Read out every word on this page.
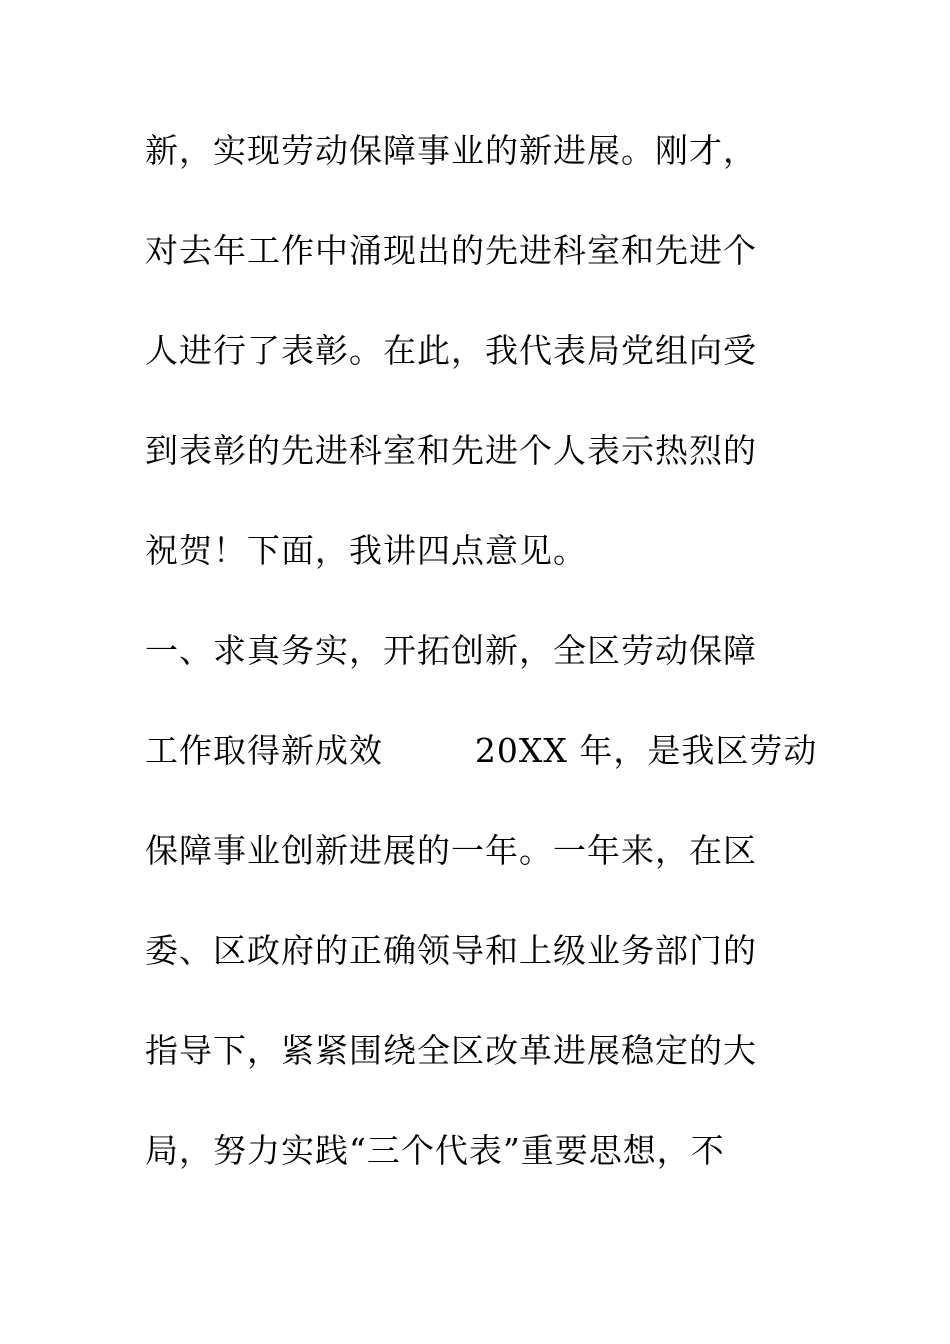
新，实现劳动保障事业的新进展。刚才，
对去年工作中涌现出的先进科室和先进个
人进行了表彰。在此，我代表局党组向受
到表彰的先进科室和先进个人表示热烈的
祝贺！下面，我讲四点意见。
一、求真务实，开拓创新，全区劳动保障
工作取得新成效        20XX 年，是我区劳动
保障事业创新进展的一年。一年来，在区
委、区政府的正确领导和上级业务部门的
指导下，紧紧围绕全区改革进展稳定的大
局，努力实践“三个代表”重要思想，不
